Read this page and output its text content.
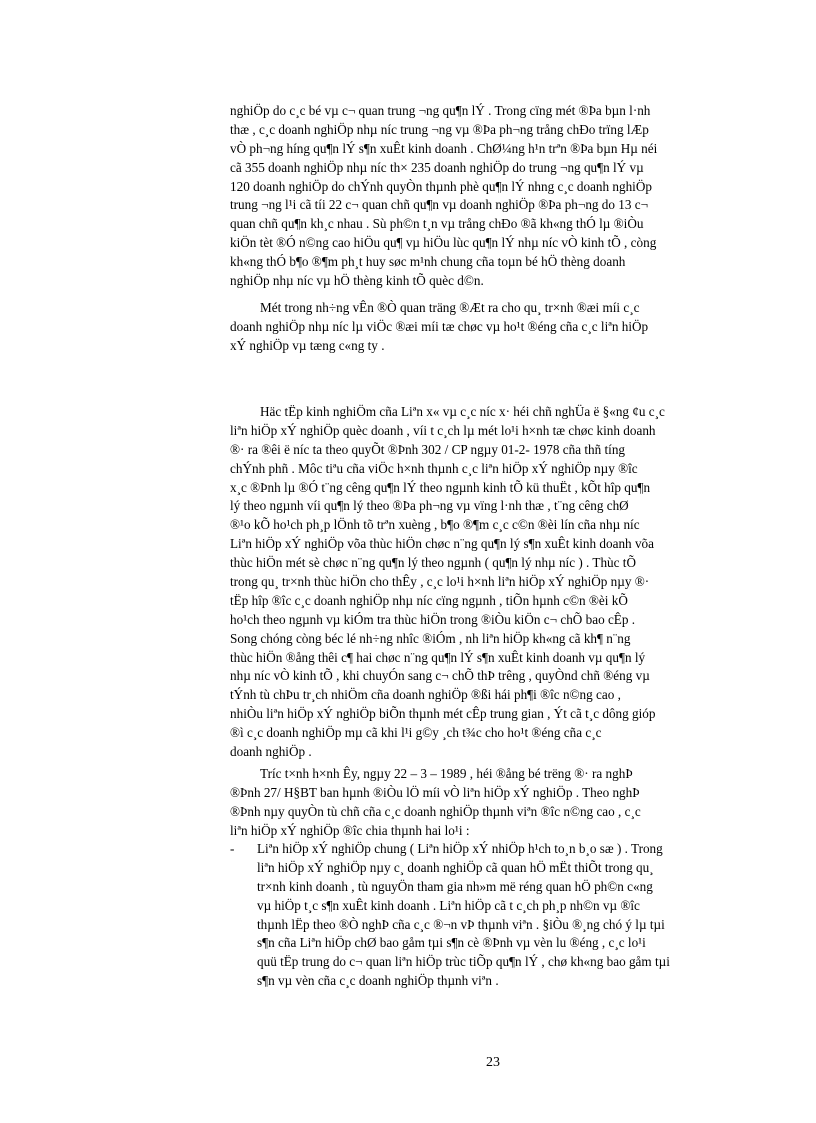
nghiÖp do c¸c bé vµ c¬ quan trung ¬ng qu¶n lÝ . Trong cïng mét ®Þa bµn l·nh
thæ , c¸c doanh nghiÖp nhµ níc trung ¬ng vµ ®Þa ph¬ng trång chÐo trïng lÆp
vÒ ph¬ng híng qu¶n lÝ s¶n xuÊt kinh doanh . ChØ¼ng h¹n trªn ®Þa bµn Hµ néi
cã 355 doanh nghiÖp nhµ níc th× 235 doanh nghiÖp do trung ¬ng qu¶n lÝ vµ
120 doanh nghiÖp do chÝnh quyÒn thµnh phè qu¶n lÝ nhng c¸c doanh nghiÖp
trung ¬ng l¹i cã tíi 22 c¬ quan chñ qu¶n vµ doanh nghiÖp ®Þa ph¬ng do 13 c¬
quan chñ qu¶n kh¸c nhau . Sù ph©n t¸n vµ trång chÐo ®ã kh«ng thÓ lµ ®iÒu
kiÖn tèt ®Ó n©ng cao hiÖu qu¶ vµ hiÖu lùc qu¶n lÝ nhµ níc vÒ kinh tÕ , còng
kh«ng thÓ b¶o ®¶m ph¸t huy søc m¹nh chung cña toµn bé hÖ thèng doanh
nghiÖp nhµ níc vµ hÖ thèng kinh tÕ quèc d©n.
Mét trong nh÷ng vÊn ®Ò quan träng ®Æt ra cho qu¸ tr×nh ®æi míi c¸c
doanh nghiÖp nhµ níc lµ viÖc ®æi míi tæ chøc vµ ho¹t ®éng cña c¸c liªn hiÖp
xÝ nghiÖp vµ tæng c«ng ty .
Häc tËp kinh nghiÖm cña Liªn x« vµ c¸c níc x· héi chñ nghÜa ë §«ng ¢u c¸c
liªn hiÖp xÝ nghiÖp quèc doanh , víi t c¸ch lµ mét lo¹i h×nh tæ chøc kinh doanh
®· ra ®êi ë níc ta theo quyÕt ®Þnh 302 / CP ngµy 01-2- 1978 cña thñ tíng
chÝnh phñ . Môc tiªu cña viÖc h×nh thµnh c¸c liªn hiÖp xÝ nghiÖp nµy ®îc
x¸c ®Þnh lµ ®Ó t¨ng cêng qu¶n lÝ theo ngµnh kinh tÕ kü thuËt , kÕt hîp qu¶n
lý theo ngµnh víi qu¶n lý theo ®Þa ph¬ng vµ vïng l·nh thæ , t¨ng cêng chØ
®¹o kÕ ho¹ch ph¸p lÖnh tõ trªn xuèng , b¶o ®¶m c¸c c©n ®èi lín cña nhµ níc
Liªn hiÖp xÝ nghiÖp võa thùc hiÖn chøc n¨ng qu¶n lý s¶n xuÊt kinh doanh võa
thùc hiÖn mét sè chøc n¨ng qu¶n lý theo ngµnh ( qu¶n lý nhµ níc ) . Thùc tÕ
trong qu¸ tr×nh thùc hiÖn cho thÊy , c¸c lo¹i h×nh liªn hiÖp xÝ nghiÖp nµy ®·
tËp hîp ®îc c¸c doanh nghiÖp nhµ níc cïng ngµnh , tiÕn hµnh c©n ®èi kÕ
ho¹ch theo ngµnh vµ kiÓm tra thùc hiÖn trong ®iÒu kiÖn c¬ chÕ bao cÊp .
Song chóng còng béc lé nh÷ng nhîc ®iÓm , nh liªn hiÖp kh«ng cã kh¶ n¨ng
thùc hiÖn ®ång thêi c¶ hai chøc n¨ng qu¶n lÝ s¶n xuÊt kinh doanh vµ qu¶n lý
nhµ níc vÒ kinh tÕ , khi chuyÓn sang c¬ chÕ thÞ trêng , quyÒnd chñ ®éng vµ
tÝnh tù chÞu tr¸ch nhiÖm cña doanh nghiÖp ®ßi hái ph¶i ®îc n©ng cao ,
nhiÒu liªn hiÖp xÝ nghiÖp biÕn thµnh mét cÊp trung gian , Ýt cã t¸c dông gióp
®ì c¸c doanh nghiÖp mµ cã khi l¹i g©y ¸ch t¾c cho ho¹t ®éng cña c¸c
doanh nghiÖp .
Tríc t×nh h×nh Êy, ngµy 22 – 3 – 1989 , héi ®ång bé trëng ®· ra nghÞ
®Þnh 27/ H§BT ban hµnh ®iÒu lÖ míi vÒ liªn hiÖp xÝ nghiÖp . Theo nghÞ
®Þnh nµy quyÒn tù chñ cña c¸c doanh nghiÖp thµnh viªn ®îc n©ng cao , c¸c
liªn hiÖp xÝ nghiÖp ®îc chia thµnh hai lo¹i :
- Liªn hiÖp xÝ nghiÖp chung ( Liªn hiÖp xÝ nhiÖp h¹ch to¸n b¸o sæ ) . Trong
liªn hiÖp xÝ nghiÖp nµy c¸ doanh nghiÖp cã quan hÖ mËt thiÕt trong qu¸
tr×nh kinh doanh , tù nguyÖn tham gia nh»m më réng quan hÖ ph©n c«ng
vµ hiÖp t¸c s¶n xuÊt kinh doanh . Liªn hiÖp cã t c¸ch ph¸p nh©n vµ ®îc
thµnh lËp theo ®Ò nghÞ cña c¸c ®¬n vÞ thµnh viªn . §iÒu ®¸ng chó ý lµ tµi
s¶n cña Liªn hiÖp chØ bao gåm tµi s¶n cè ®Þnh vµ vèn lu ®éng , c¸c lo¹i
quü tËp trung do c¬ quan liªn hiÖp trùc tiÕp qu¶n lÝ , chø kh«ng bao gåm tµi
s¶n vµ vèn cña c¸c doanh nghiÖp thµnh viªn .
23
